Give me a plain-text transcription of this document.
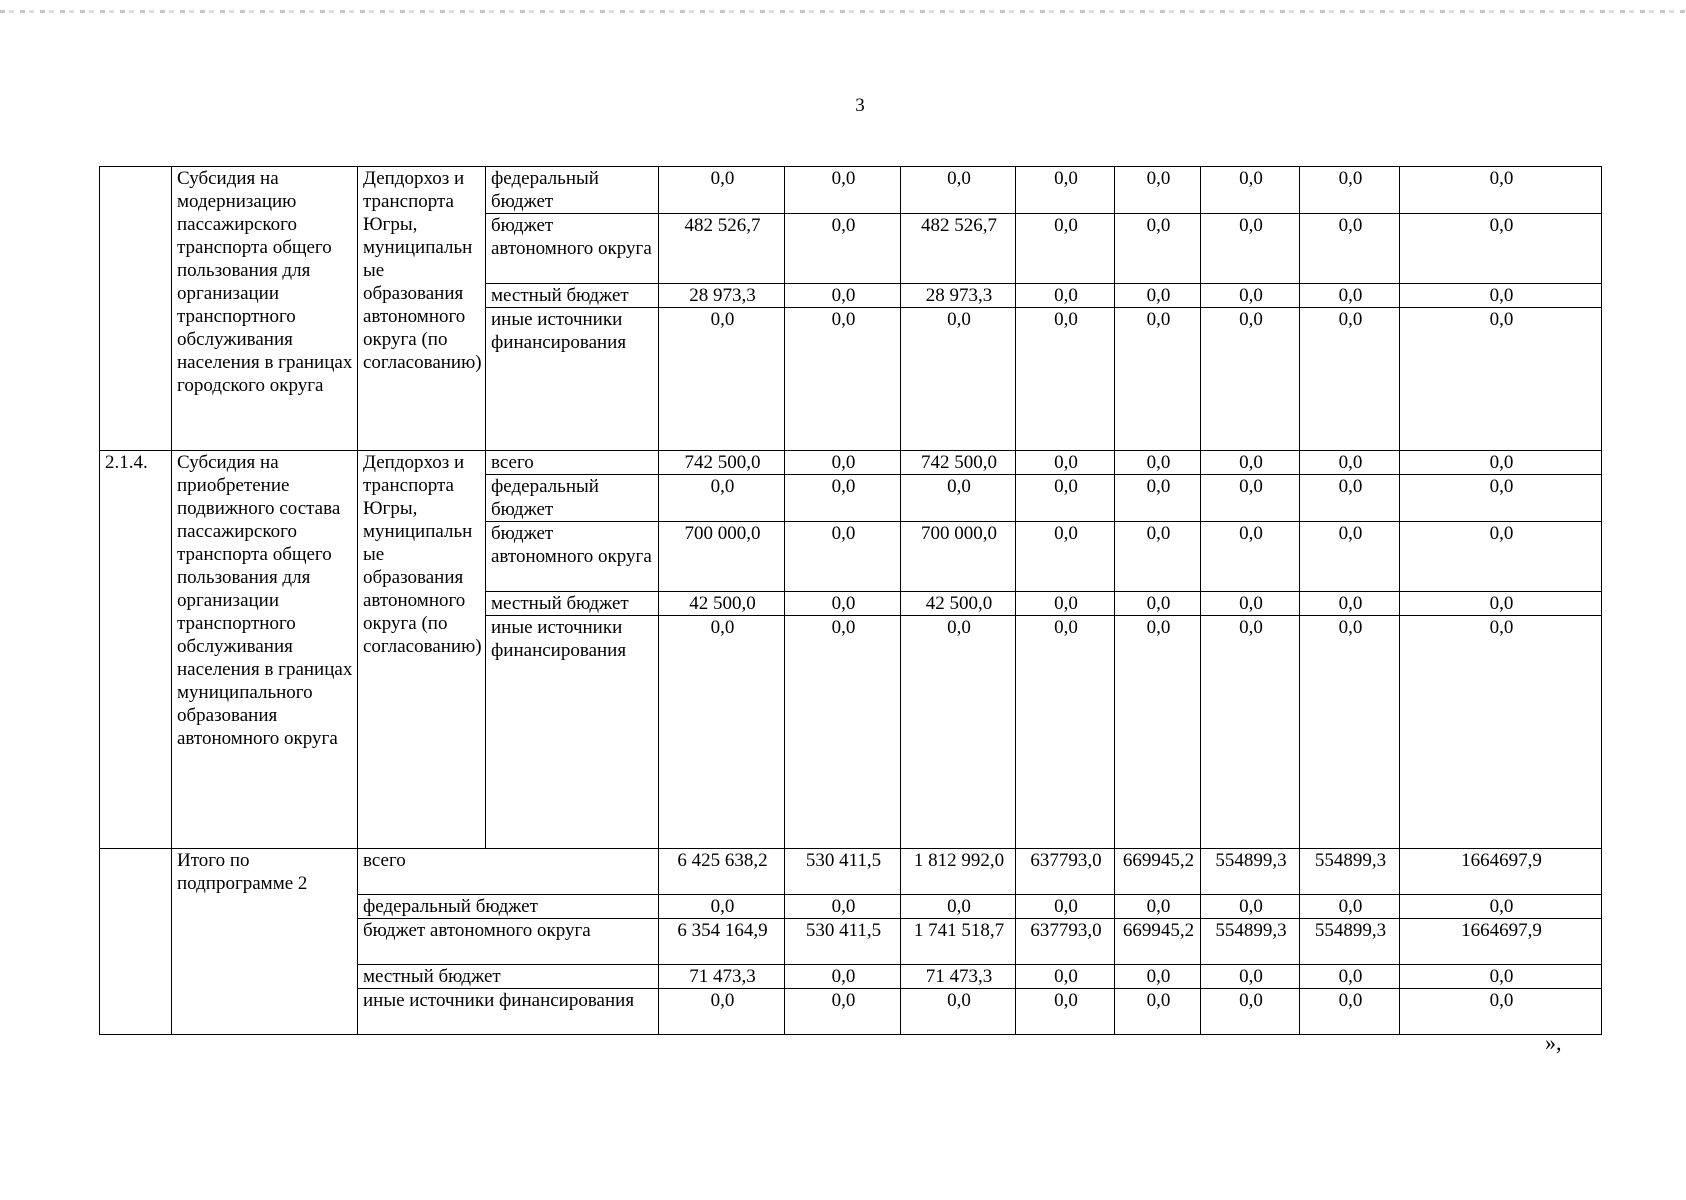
3
	Субсидия на модернизацию пассажирского транспорта общего пользования для организации транспортного обслуживания населения в границах городского округа	Депдорхоз и транспорта Югры, муниципальные образования автономного округа (по согласованию)	федеральный бюджет	0,0	0,0	0,0	0,0	0,0	0,0	0,0	0,0
			бюджет автономного округа	482 526,7	0,0	482 526,7	0,0	0,0	0,0	0,0	0,0
			местный бюджет	28 973,3	0,0	28 973,3	0,0	0,0	0,0	0,0	0,0
			иные источники финансирования	0,0	0,0	0,0	0,0	0,0	0,0	0,0	0,0
2.1.4.	Субсидия на приобретение подвижного состава пассажирского транспорта общего пользования для организации транспортного обслуживания населения в границах муниципального образования автономного округа	Депдорхоз и транспорта Югры, муниципальные образования автономного округа (по согласованию)	всего	742 500,0	0,0	742 500,0	0,0	0,0	0,0	0,0	0,0
			федеральный бюджет	0,0	0,0	0,0	0,0	0,0	0,0	0,0	0,0
			бюджет автономного округа	700 000,0	0,0	700 000,0	0,0	0,0	0,0	0,0	0,0
			местный бюджет	42 500,0	0,0	42 500,0	0,0	0,0	0,0	0,0	0,0
			иные источники финансирования	0,0	0,0	0,0	0,0	0,0	0,0	0,0	0,0
	Итого по подпрограмме 2	всего		6 425 638,2	530 411,5	1 812 992,0	637793,0	669945,2	554899,3	554899,3	1664697,9
		федеральный бюджет		0,0	0,0	0,0	0,0	0,0	0,0	0,0	0,0
		бюджет автономного округа		6 354 164,9	530 411,5	1 741 518,7	637793,0	669945,2	554899,3	554899,3	1664697,9
		местный бюджет		71 473,3	0,0	71 473,3	0,0	0,0	0,0	0,0	0,0
		иные источники финансирования		0,0	0,0	0,0	0,0	0,0	0,0	0,0	0,0
»,
